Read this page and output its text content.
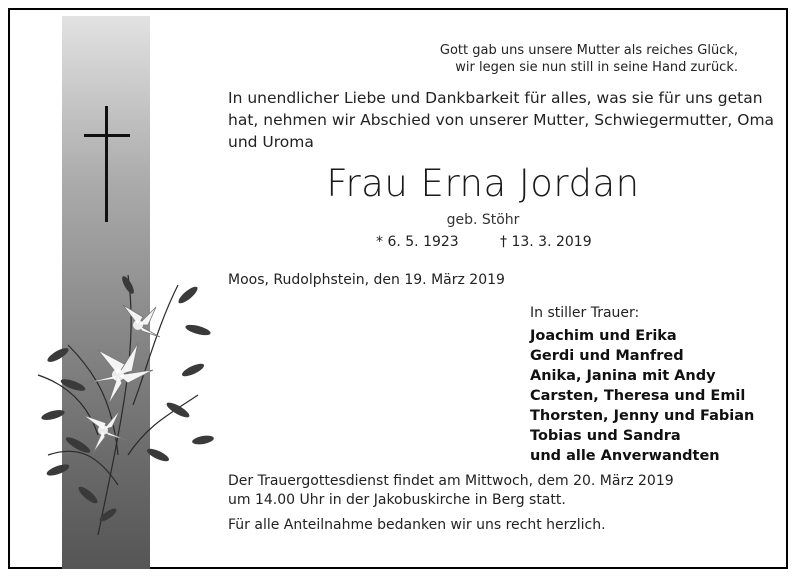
Gott gab uns unsere Mutter als reiches Glück,
wir legen sie nun still in seine Hand zurück.
In unendlicher Liebe und Dankbarkeit für alles, was sie für uns getan
hat, nehmen wir Abschied von unserer Mutter, Schwiegermutter, Oma
und Uroma
Frau Erna Jordan
geb. Stöhr
* 6. 5. 1923	† 13. 3. 2019
Moos, Rudolphstein, den 19. März 2019
In stiller Trauer:
Joachim und Erika
Gerdi und Manfred
Anika, Janina mit Andy
Carsten, Theresa und Emil
Thorsten, Jenny und Fabian
Tobias und Sandra
und alle Anverwandten
Der Trauergottesdienst findet am Mittwoch, dem 20. März 2019
um 14.00 Uhr in der Jakobuskirche in Berg statt.
Für alle Anteilnahme bedanken wir uns recht herzlich.
